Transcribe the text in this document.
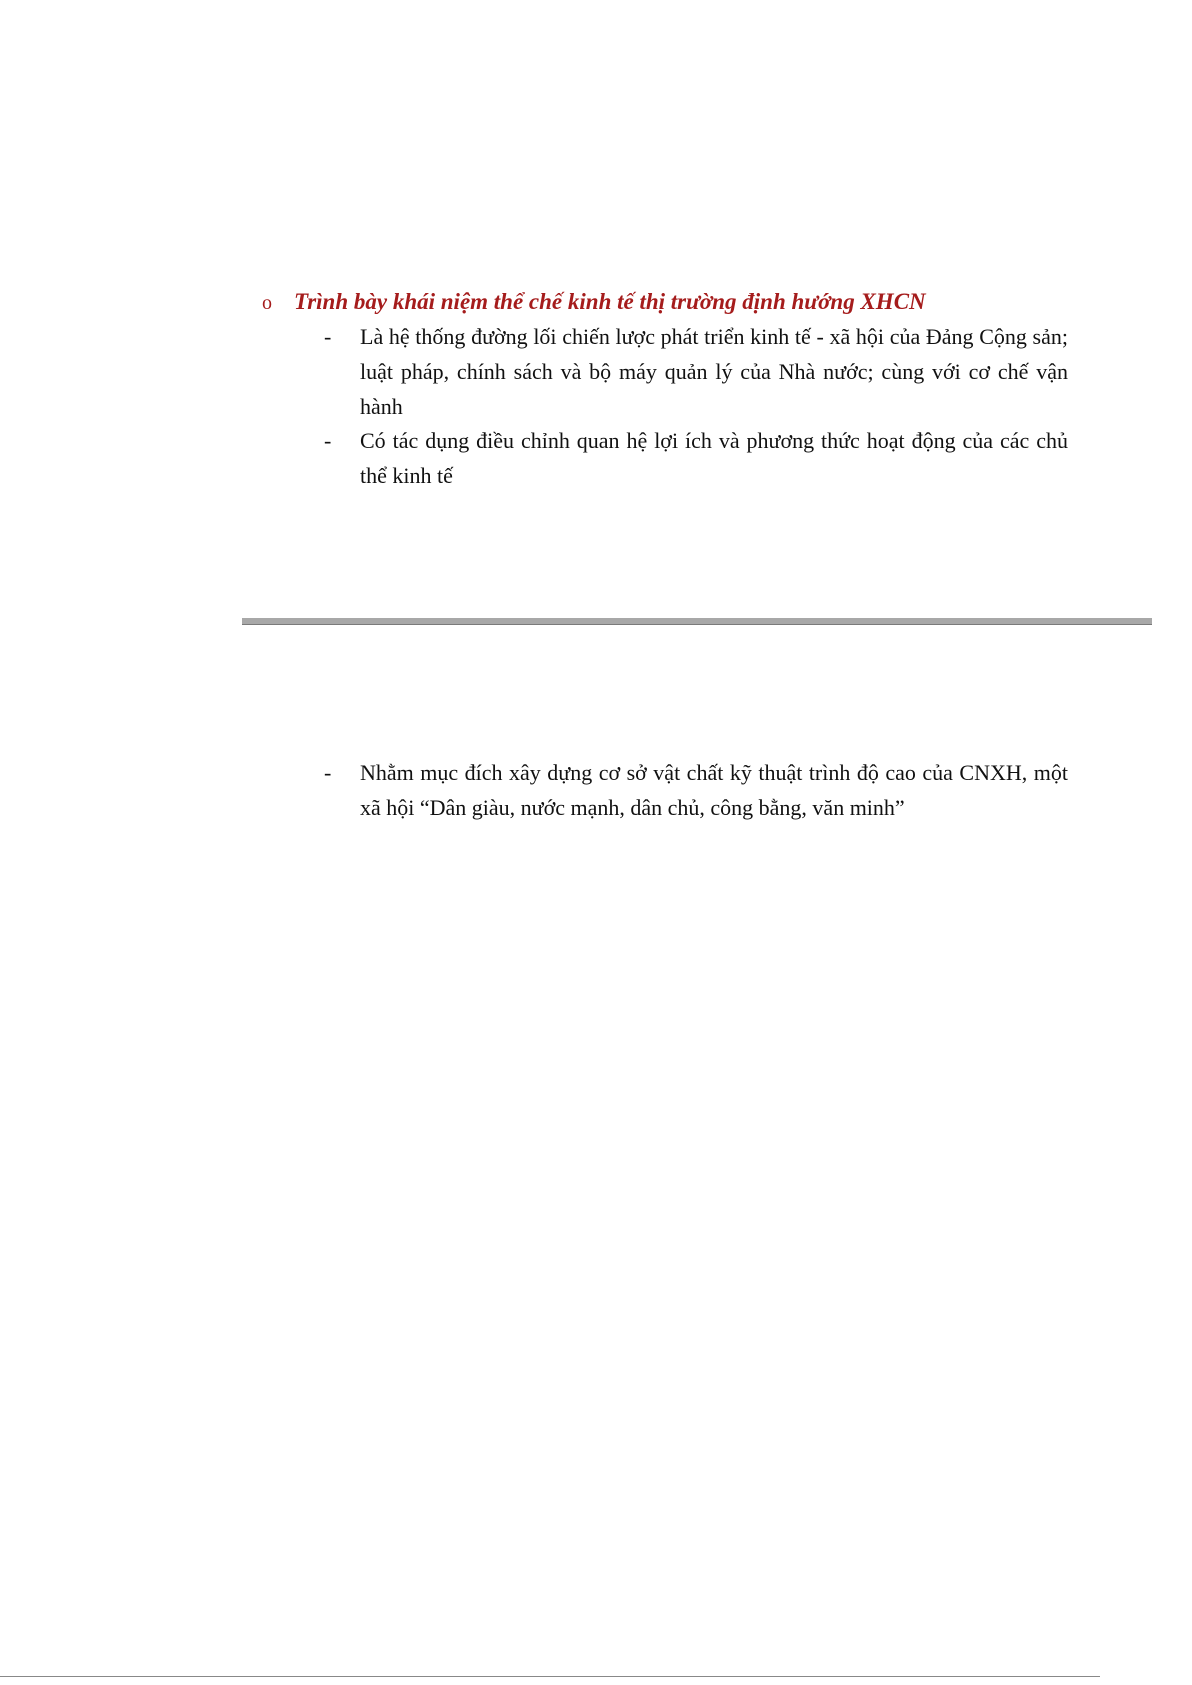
o Trình bày khái niệm thể chế kinh tế thị trường định hướng XHCN
-	Là hệ thống đường lối chiến lược phát triển kinh tế - xã hội của Đảng Cộng sản; luật pháp, chính sách và bộ máy quản lý của Nhà nước; cùng với cơ chế vận hành
-	Có tác dụng điều chỉnh quan hệ lợi ích và phương thức hoạt động của các chủ thể kinh tế
-	Nhằm mục đích xây dựng cơ sở vật chất kỹ thuật trình độ cao của CNXH, một xã hội “Dân giàu, nước mạnh, dân chủ, công bằng, văn minh”
